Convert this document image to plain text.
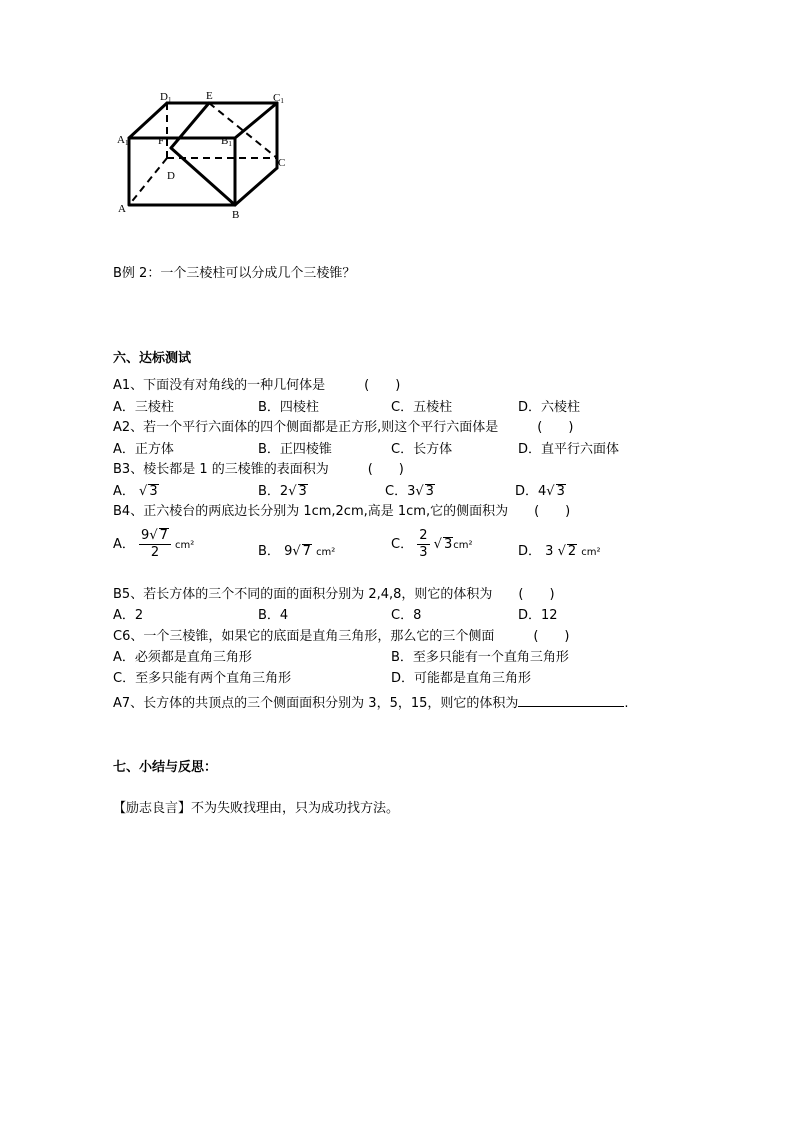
D1	E	C1
A1	F	B1
C
D
A	B
B例 2：一个三棱柱可以分成几个三棱锥？
六、达标测试
A1、下面没有对角线的一种几何体是　　　(　　)
A．三棱柱	B．四棱柱	C．五棱柱	D．六棱柱
A2、若一个平行六面体的四个侧面都是正方形,则这个平行六面体是　　　(　　)
A．正方体	B．正四棱锥	C．长方体	D．直平行六面体
B3、棱长都是 1 的三棱锥的表面积为　　　(　　)
A． √ 3	B．2√ 3	C．3√ 3	D．4√ 3
B4、正六棱台的两底边长分别为 1cm,2cm,高是 1cm,它的侧面积为　　(　　)
A． $\frac{9√ 7}{2} cm^2$	B． 9√ 7 cm²
C． $\frac{2}{3}$ √ 3cm²	D． 3 √ 2 cm²
B5、若长方体的三个不同的面的面积分别为 2,4,8，则它的体积为　　(　　)
A．2	B．4	C．8	D．12
C6、一个三棱锥，如果它的底面是直角三角形，那么它的三个侧面　　　(　　)
A．必须都是直角三角形	B．至多只能有一个直角三角形
C．至多只能有两个直角三角形	D．可能都是直角三角形
A7、长方体的共顶点的三个侧面面积分别为 3，5，15，则它的体积为	.
七、小结与反思：
【励志良言】不为失败找理由，只为成功找方法。
